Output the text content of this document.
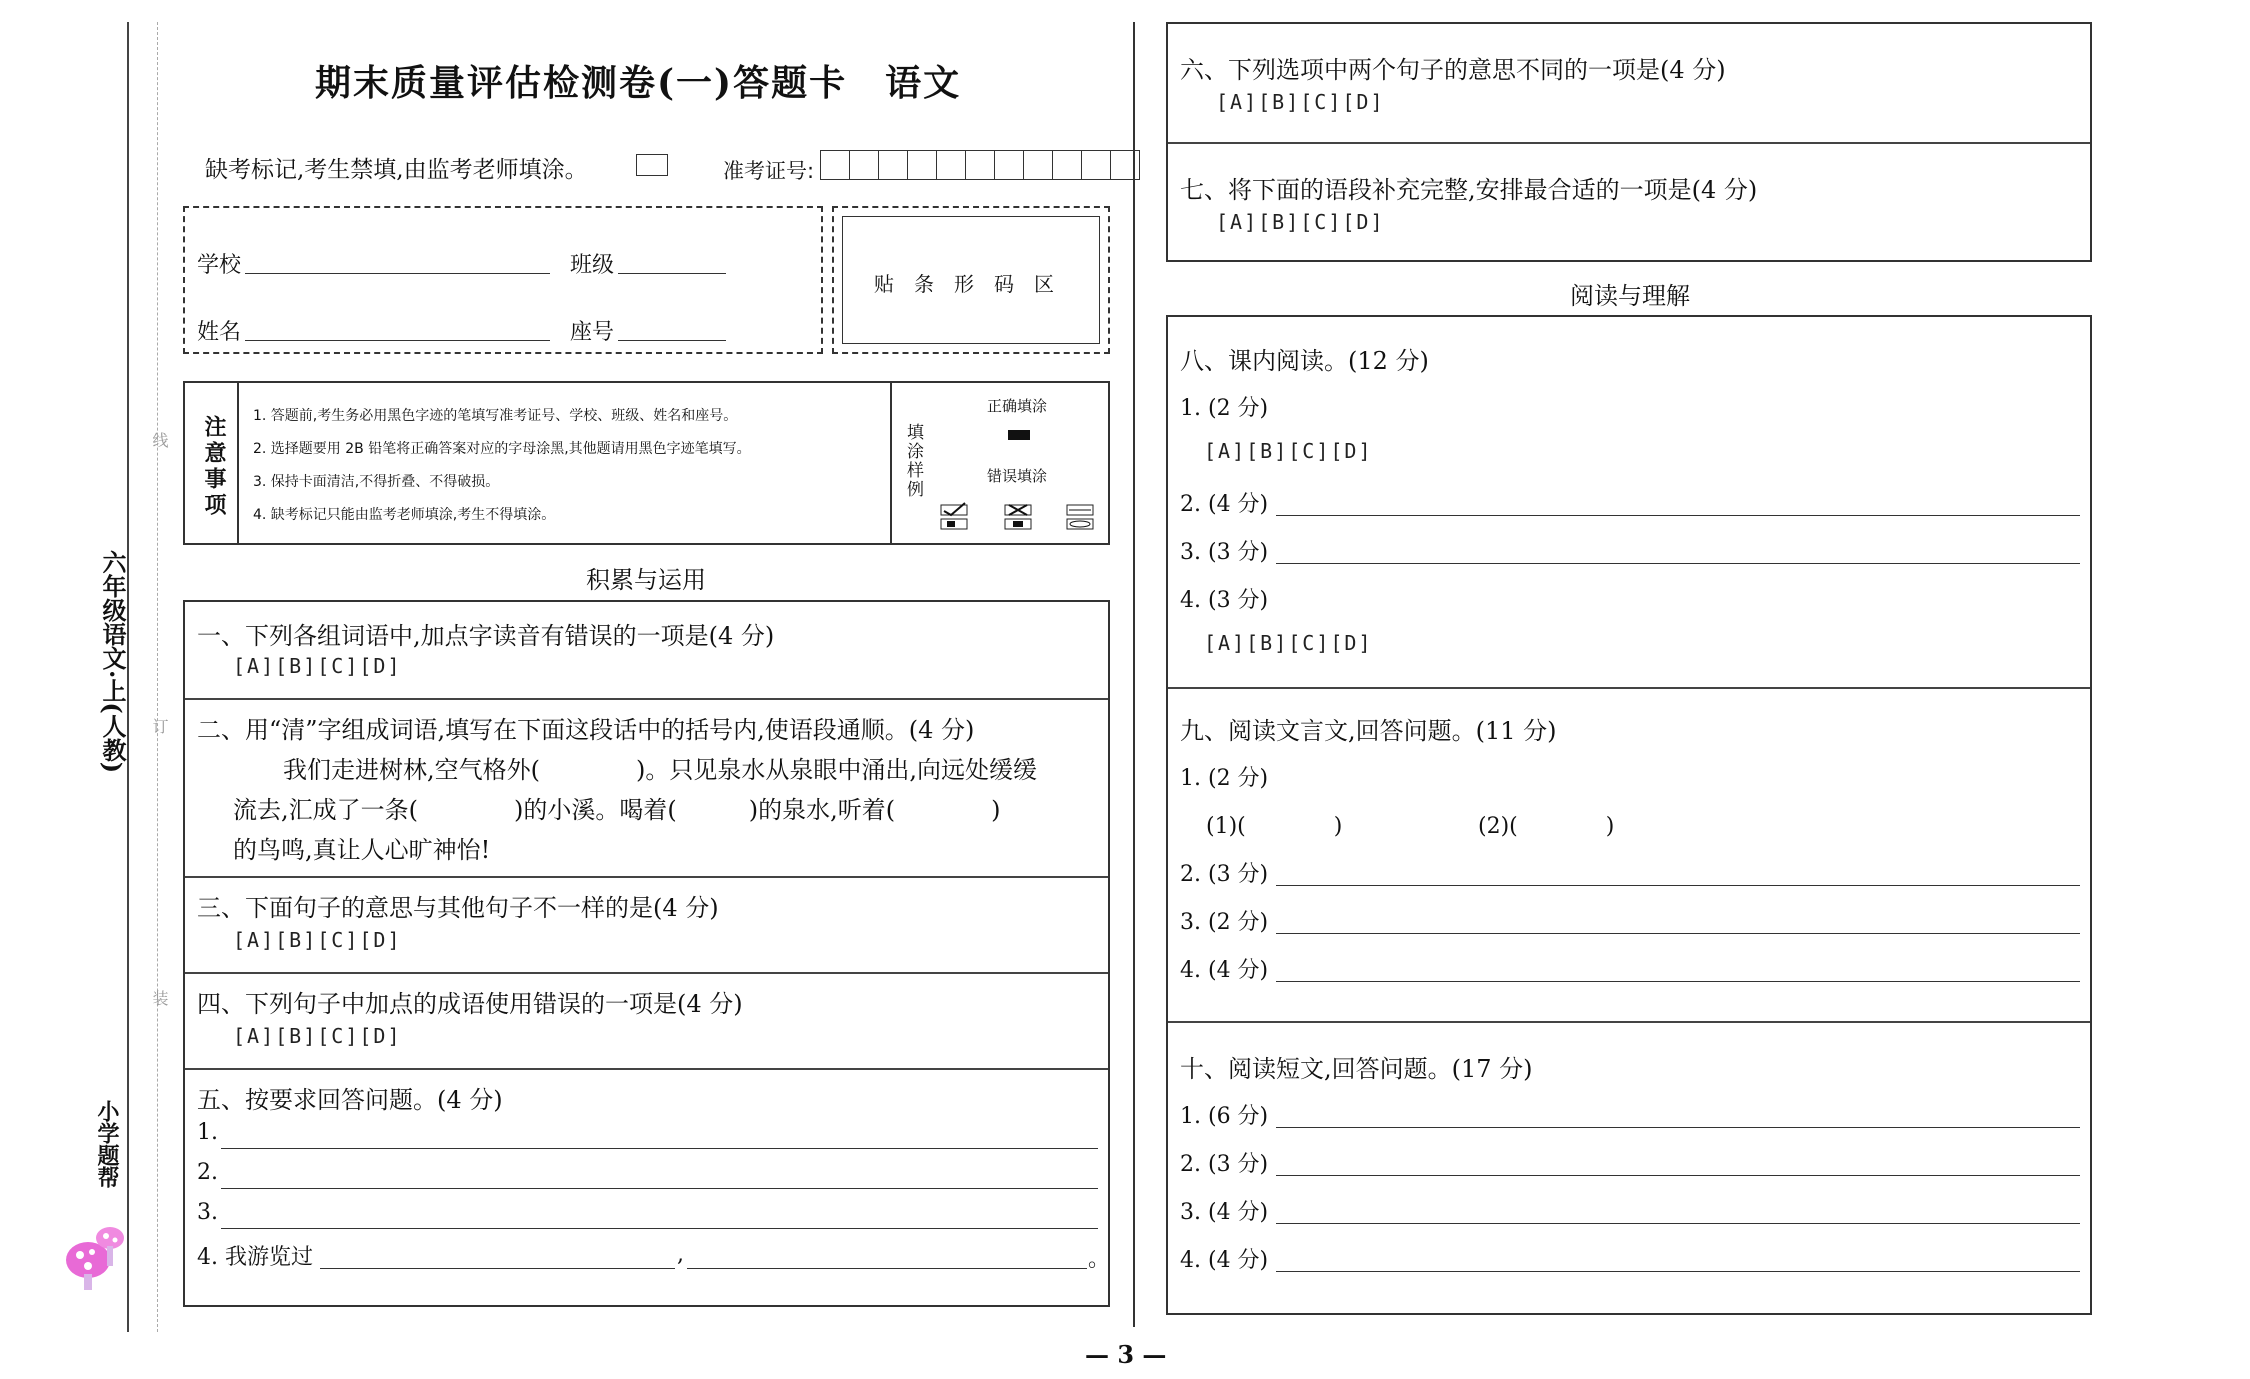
六年级语文·上(人教)
小学题帮
线
订
装
期末质量评估检测卷(一)答题卡　语文
缺考标记,考生禁填,由监考老师填涂。	准考证号:
学校	班级
姓名	座号
贴　条　形　码　区
注意事项 1. 答题前,考生务必用黑色字迹的笔填写准考证号、学校、班级、姓名和座号。
2. 选择题要用 2B 铅笔将正确答案对应的字母涂黑,其他题请用黑色字迹笔填写。
3. 保持卡面清洁,不得折叠、不得破损。
4. 缺考标记只能由监考老师填涂,考生不得填涂。
填涂样例
正确填涂
错误填涂
积累与运用
一、下列各组词语中,加点字读音有错误的一项是(4 分)
[A][B][C][D]
二、用“清”字组成词语,填写在下面这段话中的括号内,使语段通顺。(4 分)
我们走进树林,空气格外(　　　　)。只见泉水从泉眼中涌出,向远处缓缓
流去,汇成了一条(　　　　)的小溪。喝着(　　　)的泉水,听着(　　　　)
的鸟鸣,真让人心旷神怡!
三、下面句子的意思与其他句子不一样的是(4 分)
[A][B][C][D]
四、下列句子中加点的成语使用错误的一项是(4 分)
[A][B][C][D]
五、按要求回答问题。(4 分)
1.
2.
3.
4. 我游览过	,	。
六、下列选项中两个句子的意思不同的一项是(4 分)
[A][B][C][D]
七、将下面的语段补充完整,安排最合适的一项是(4 分)
[A][B][C][D]
阅读与理解
八、课内阅读。(12 分)
1. (2 分)
[A][B][C][D]
2. (4 分)
3. (3 分)
4. (3 分)
[A][B][C][D]
九、阅读文言文,回答问题。(11 分)
1. (2 分)
(1)(　　　　)	(2)(　　　　)
2. (3 分)
3. (2 分)
4. (4 分)
十、阅读短文,回答问题。(17 分)
1. (6 分)
2. (3 分)
3. (4 分)
4. (4 分)
— 3 —
